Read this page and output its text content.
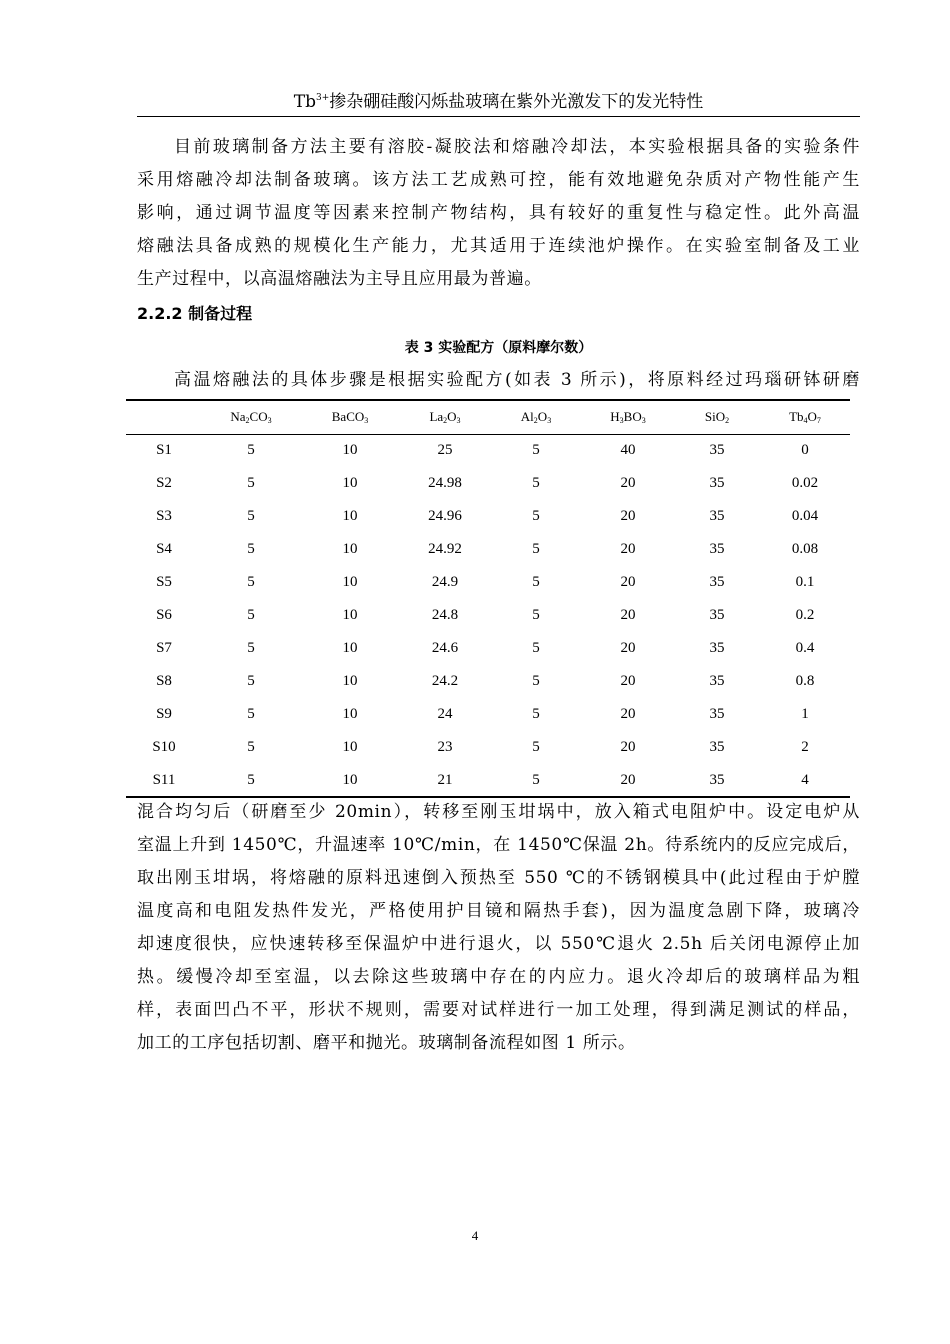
$Tb^{3+}$掺杂硼硅酸闪烁盐玻璃在紫外光激发下的发光特性
目前玻璃制备方法主要有溶胶-凝胶法和熔融冷却法，本实验根据具备的实验条件
采用熔融冷却法制备玻璃。该方法工艺成熟可控，能有效地避免杂质对产物性能产生
影响，通过调节温度等因素来控制产物结构，具有较好的重复性与稳定性。此外高温
熔融法具备成熟的规模化生产能力，尤其适用于连续池炉操作。在实验室制备及工业
生产过程中，以高温熔融法为主导且应用最为普遍。
2.2.2 制备过程
表 3 实验配方（原料摩尔数）
高温熔融法的具体步骤是根据实验配方(如表 3 所示)，将原料经过玛瑙研钵研磨
	$Na_2CO_3$	BaCO$_3$	$La_2O_3$	$Al_2O_3$	$H_3BO_3$	SiO$_2$	$Tb_4O_7$
S1	5	10	25	5	40	35	0
S2	5	10	24.98	5	20	35	0.02
S3	5	10	24.96	5	20	35	0.04
S4	5	10	24.92	5	20	35	0.08
S5	5	10	24.9	5	20	35	0.1
S6	5	10	24.8	5	20	35	0.2
S7	5	10	24.6	5	20	35	0.4
S8	5	10	24.2	5	20	35	0.8
S9	5	10	24	5	20	35	1
S10	5	10	23	5	20	35	2
S11	5	10	21	5	20	35	4
混合均匀后（研磨至少 20min），转移至刚玉坩埚中，放入箱式电阻炉中。设定电炉从
室温上升到 1450℃，升温速率 10℃/min，在 1450℃保温 2h。待系统内的反应完成后，
取出刚玉坩埚，将熔融的原料迅速倒入预热至 550 ℃的不锈钢模具中(此过程由于炉膛
温度高和电阻发热件发光，严格使用护目镜和隔热手套)，因为温度急剧下降，玻璃冷
却速度很快，应快速转移至保温炉中进行退火，以 550℃退火 2.5h 后关闭电源停止加
热。缓慢冷却至室温，以去除这些玻璃中存在的内应力。退火冷却后的玻璃样品为粗
样，表面凹凸不平，形状不规则，需要对试样进行一加工处理，得到满足测试的样品，
加工的工序包括切割、磨平和抛光。玻璃制备流程如图 1 所示。
4
